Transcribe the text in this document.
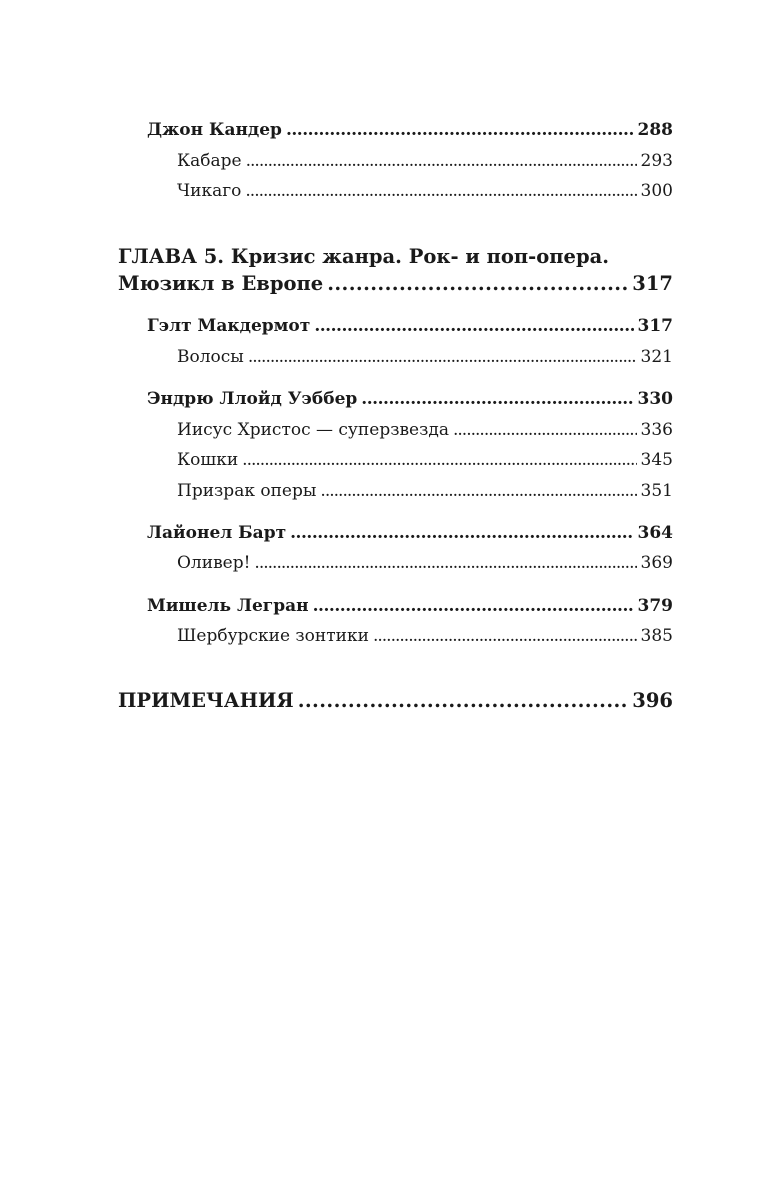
Джон Кандер . . .	288
Кабаре . . .	293
Чикаго . . .	300
ГЛАВА 5. Кризис жанра. Рок- и поп-опера.
Мюзикл в Европе . . .	317
Гэлт Макдермот . . .	317
Волосы . . .	321
Эндрю Ллойд Уэббер . . .	330
Иисус Христос — суперзвезда . . .	336
Кошки . . .	345
Призрак оперы . . .	351
Лайонел Барт . . .	364
Оливер! . . .	369
Мишель Легран . . .	379
Шербурские зонтики . . .	385
ПРИМЕЧАНИЯ . . .	396
